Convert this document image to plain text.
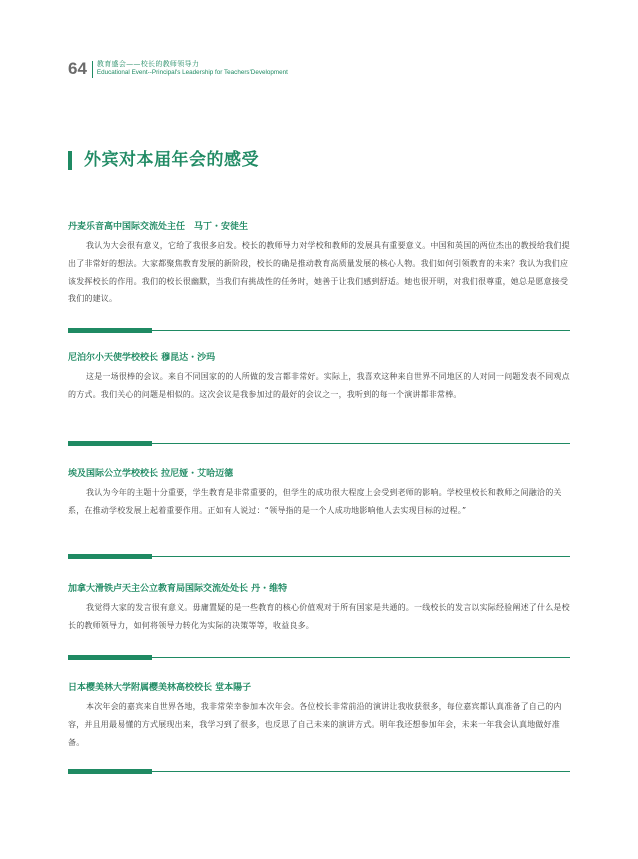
64 教育盛会——校长的教师领导力
Educational Event--Principal's Leadership for Teachers'Development
外宾对本届年会的感受
丹麦乐音高中国际交流处主任　马丁・安徒生

我认为大会很有意义，它给了我很多启发。校长的教师导力对学校和教师的发展具有重要意义。中国和英国的两位杰出的教授给我们提出了非常好的想法。大家都聚焦教育发展的新阶段，校长的确是推动教育高质量发展的核心人物。我们如何引领教育的未来？我认为我们应该发挥校长的作用。我们的校长很幽默，当我们有挑战性的任务时，她善于让我们感到舒适。她也很开明，对我们很尊重，她总是愿意接受我们的建议。

尼泊尔小天使学校校长 穆昆达・沙玛

这是一场很棒的会议。来自不同国家的的人所做的发言都非常好。实际上，我喜欢这种来自世界不同地区的人对同一问题发表不同观点的方式。我们关心的问题是相似的。这次会议是我参加过的最好的会议之一，我听到的每一个演讲都非常棒。

埃及国际公立学校校长 拉尼娅・艾哈迈德

我认为今年的主题十分重要，学生教育是非常重要的，但学生的成功很大程度上会受到老师的影响。学校里校长和教师之间融洽的关系，在推动学校发展上起着重要作用。正如有人说过：“领导指的是一个人成功地影响他人去实现目标的过程。”

加拿大滑铁卢天主公立教育局国际交流处处长 丹・维特

我觉得大家的发言很有意义。毋庸置疑的是一些教育的核心价值观对于所有国家是共通的。一线校长的发言以实际经验阐述了什么是校长的教师领导力，如何将领导力转化为实际的决策等等，收益良多。

日本樱美林大学附属樱美林高校校长 堂本陽子

本次年会的嘉宾来自世界各地，我非常荣幸参加本次年会。各位校长非常前沿的演讲让我收获很多，每位嘉宾都认真准备了自己的内容，并且用最易懂的方式展现出来，我学习到了很多，也反思了自己未来的演讲方式。明年我还想参加年会，未来一年我会认真地做好准备。
